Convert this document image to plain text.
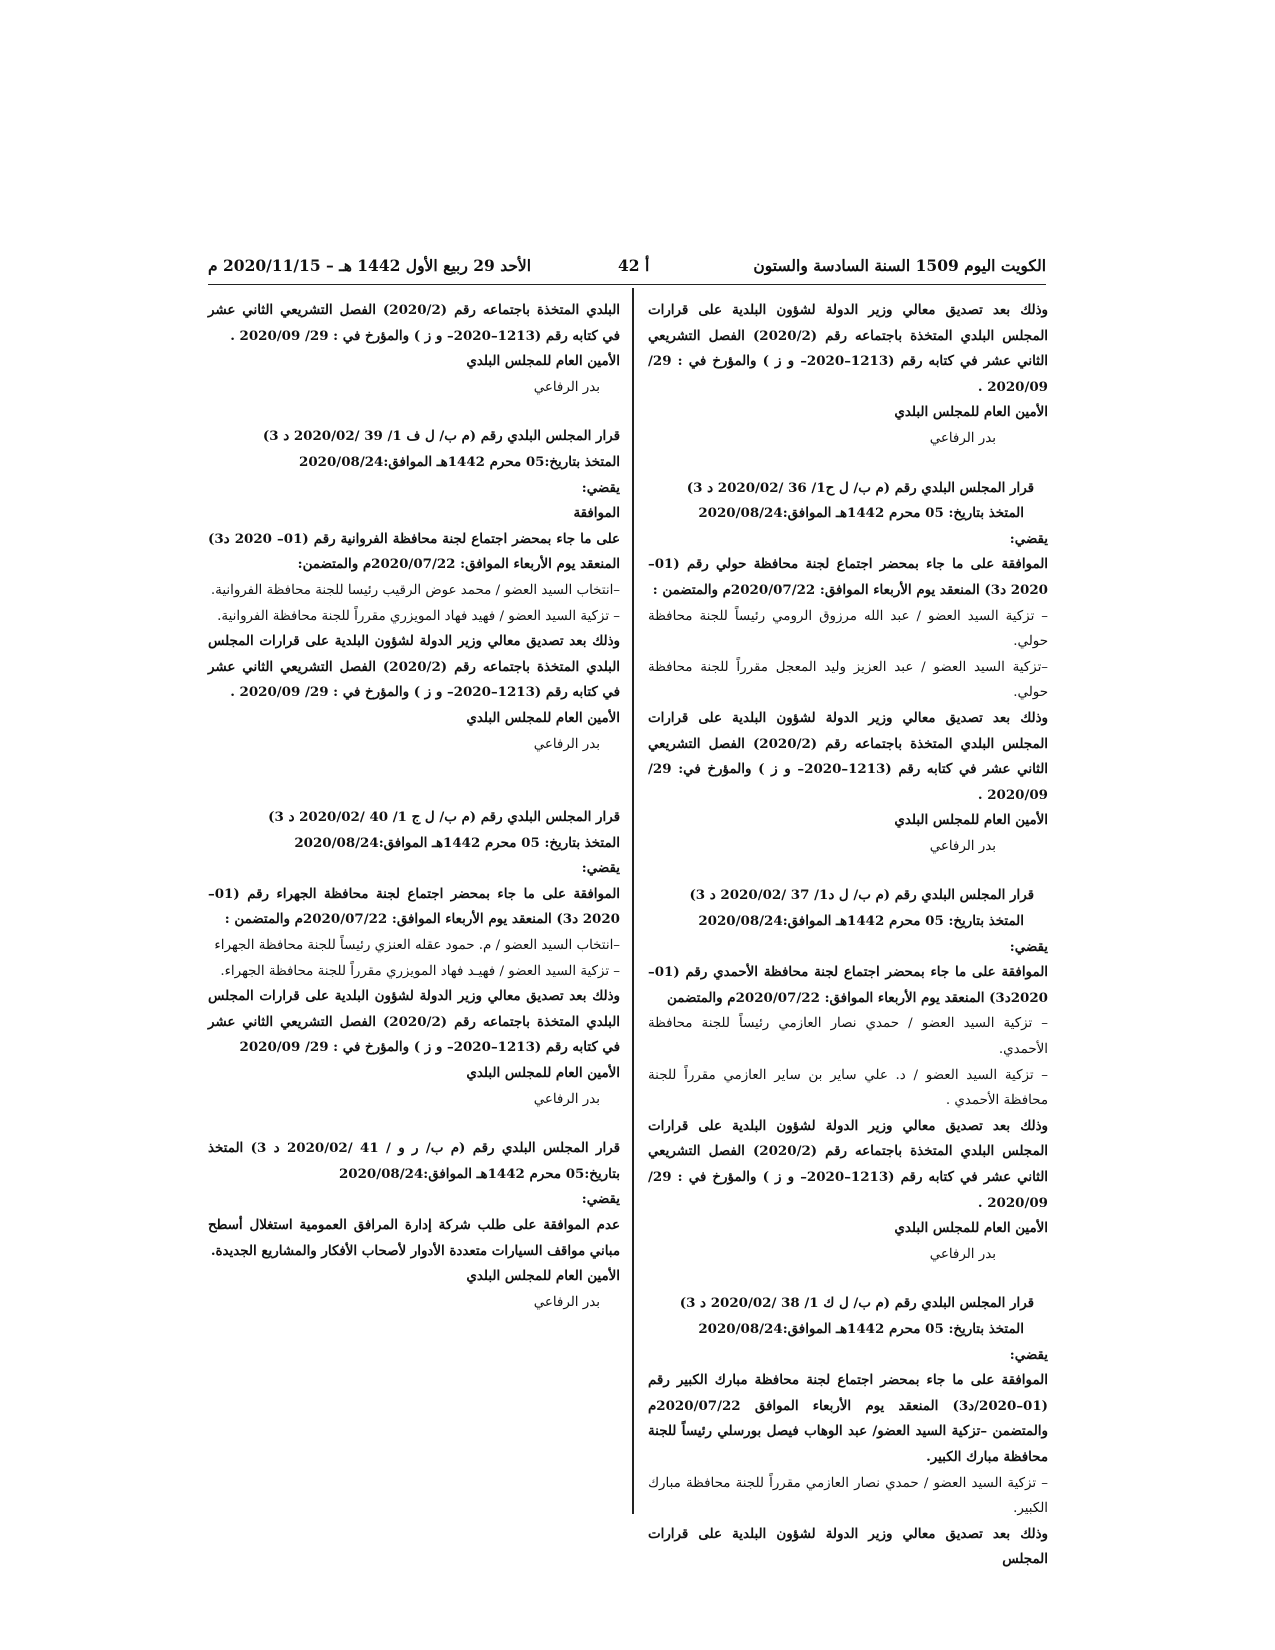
الكويت اليوم 1509 السنة السادسة والستون
أ 42
الأحد 29 ربيع الأول 1442 هـ – 2020/11/15 م

وذلك بعد تصديق معالي وزير الدولة لشؤون البلدية على قرارات المجلس البلدي المتخذة باجتماعه رقم (2020/2) الفصل التشريعي الثاني عشر في كتابه رقم (1213–2020– و ز ) والمؤرخ في : 29/ 2020/09 .

الأمين العام للمجلس البلدي

بدر الرفاعي

قرار المجلس البلدي رقم (م ب/ ل ح1/ 36 /2020/02 د 3)

المتخذ بتاريخ: 05 محرم 1442هـ الموافق:2020/08/24

يقضي:

الموافقة على ما جاء بمحضر اجتماع لجنة محافظة حولي رقم (01–2020 د3) المنعقد يوم الأربعاء الموافق: 2020/07/22م والمتضمن :

– تزكية السيد العضو / عبد الله مرزوق الرومي رئيساً للجنة محافظة حولي.

–تزكية السيد العضو / عبد العزيز وليد المعجل مقرراً للجنة محافظة حولي.

وذلك بعد تصديق معالي وزير الدولة لشؤون البلدية على قرارات المجلس البلدي المتخذة باجتماعه رقم (2020/2) الفصل التشريعي الثاني عشر في كتابه رقم (1213–2020– و ز ) والمؤرخ في: 29/ 2020/09 .

الأمين العام للمجلس البلدي

بدر الرفاعي

قرار المجلس البلدي رقم (م ب/ ل د1/ 37 /2020/02 د 3)

المتخذ بتاريخ: 05 محرم 1442هـ الموافق:2020/08/24

يقضي:

الموافقة على ما جاء بمحضر اجتماع لجنة محافظة الأحمدي رقم (01–2020د3) المنعقد يوم الأربعاء الموافق: 2020/07/22م والمتضمن

– تزكية السيد العضو / حمدي نصار العازمي رئيساً للجنة محافظة الأحمدي.

– تزكية السيد العضو / د. علي ساير بن ساير العازمي مقرراً للجنة محافظة الأحمدي .

وذلك بعد تصديق معالي وزير الدولة لشؤون البلدية على قرارات المجلس البلدي المتخذة باجتماعه رقم (2020/2) الفصل التشريعي الثاني عشر في كتابه رقم (1213–2020– و ز ) والمؤرخ في : 29/ 2020/09 .

الأمين العام للمجلس البلدي

بدر الرفاعي

قرار المجلس البلدي رقم (م ب/ ل ك 1/ 38 /2020/02 د 3)

المتخذ بتاريخ: 05 محرم 1442هـ الموافق:2020/08/24

يقضي:

الموافقة على ما جاء بمحضر اجتماع لجنة محافظة مبارك الكبير رقم (01–2020/د3) المنعقد يوم الأربعاء الموافق 2020/07/22م والمتضمن –تزكية السيد العضو/ عبد الوهاب فيصل بورسلي رئيساً للجنة محافظة مبارك الكبير.

– تزكية السيد العضو / حمدي نصار العازمي مقرراً للجنة محافظة مبارك الكبير.

وذلك بعد تصديق معالي وزير الدولة لشؤون البلدية على قرارات المجلس

البلدي المتخذة باجتماعه رقم (2020/2) الفصل التشريعي الثاني عشر في كتابه رقم (1213–2020– و ز ) والمؤرخ في : 29/ 2020/09 .

الأمين العام للمجلس البلدي

بدر الرفاعي

قرار المجلس البلدي رقم (م ب/ ل ف 1/ 39 /2020/02 د 3)

المتخذ بتاريخ:05 محرم 1442هـ الموافق:2020/08/24

يقضي:

الموافقة

على ما جاء بمحضر اجتماع لجنة محافظة الفروانية رقم (01– 2020 د3) المنعقد يوم الأربعاء الموافق: 2020/07/22م والمتضمن:

–انتخاب السيد العضو / محمد عوض الرقيب رئيسا للجنة محافظة الفروانية.

– تزكية السيد العضو / فهيد فهاد المويزري مقرراً للجنة محافظة الفروانية.

وذلك بعد تصديق معالي وزير الدولة لشؤون البلدية على قرارات المجلس البلدي المتخذة باجتماعه رقم (2020/2) الفصل التشريعي الثاني عشر في كتابه رقم (1213–2020– و ز ) والمؤرخ في : 29/ 2020/09 .

الأمين العام للمجلس البلدي

بدر الرفاعي

قرار المجلس البلدي رقم (م ب/ ل ج 1/ 40 /2020/02 د 3)

المتخذ بتاريخ: 05 محرم 1442هـ الموافق:2020/08/24

يقضي:

الموافقة على ما جاء بمحضر اجتماع لجنة محافظة الجهراء رقم (01–2020 د3) المنعقد يوم الأربعاء الموافق: 2020/07/22م والمتضمن :

–انتخاب السيد العضو / م. حمود عقله العنزي رئيساً للجنة محافظة الجهراء

– تزكية السيد العضو / فهيـد فهاد المويزري مقرراً للجنة محافظة الجهراء.

وذلك بعد تصديق معالي وزير الدولة لشؤون البلدية على قرارات المجلس البلدي المتخذة باجتماعه رقم (2020/2) الفصل التشريعي الثاني عشر في كتابه رقم (1213–2020– و ز ) والمؤرخ في : 29/ 2020/09

الأمين العام للمجلس البلدي

بدر الرفاعي

قرار المجلس البلدي رقم (م ب/ ر و / 41 /2020/02 د 3) المتخذ بتاريخ:05 محرم 1442هـ الموافق:2020/08/24

يقضي:

عدم الموافقة على طلب شركة إدارة المرافق العمومية استغلال أسطح مباني مواقف السيارات متعددة الأدوار لأصحاب الأفكار والمشاريع الجديدة.

الأمين العام للمجلس البلدي

بدر الرفاعي
